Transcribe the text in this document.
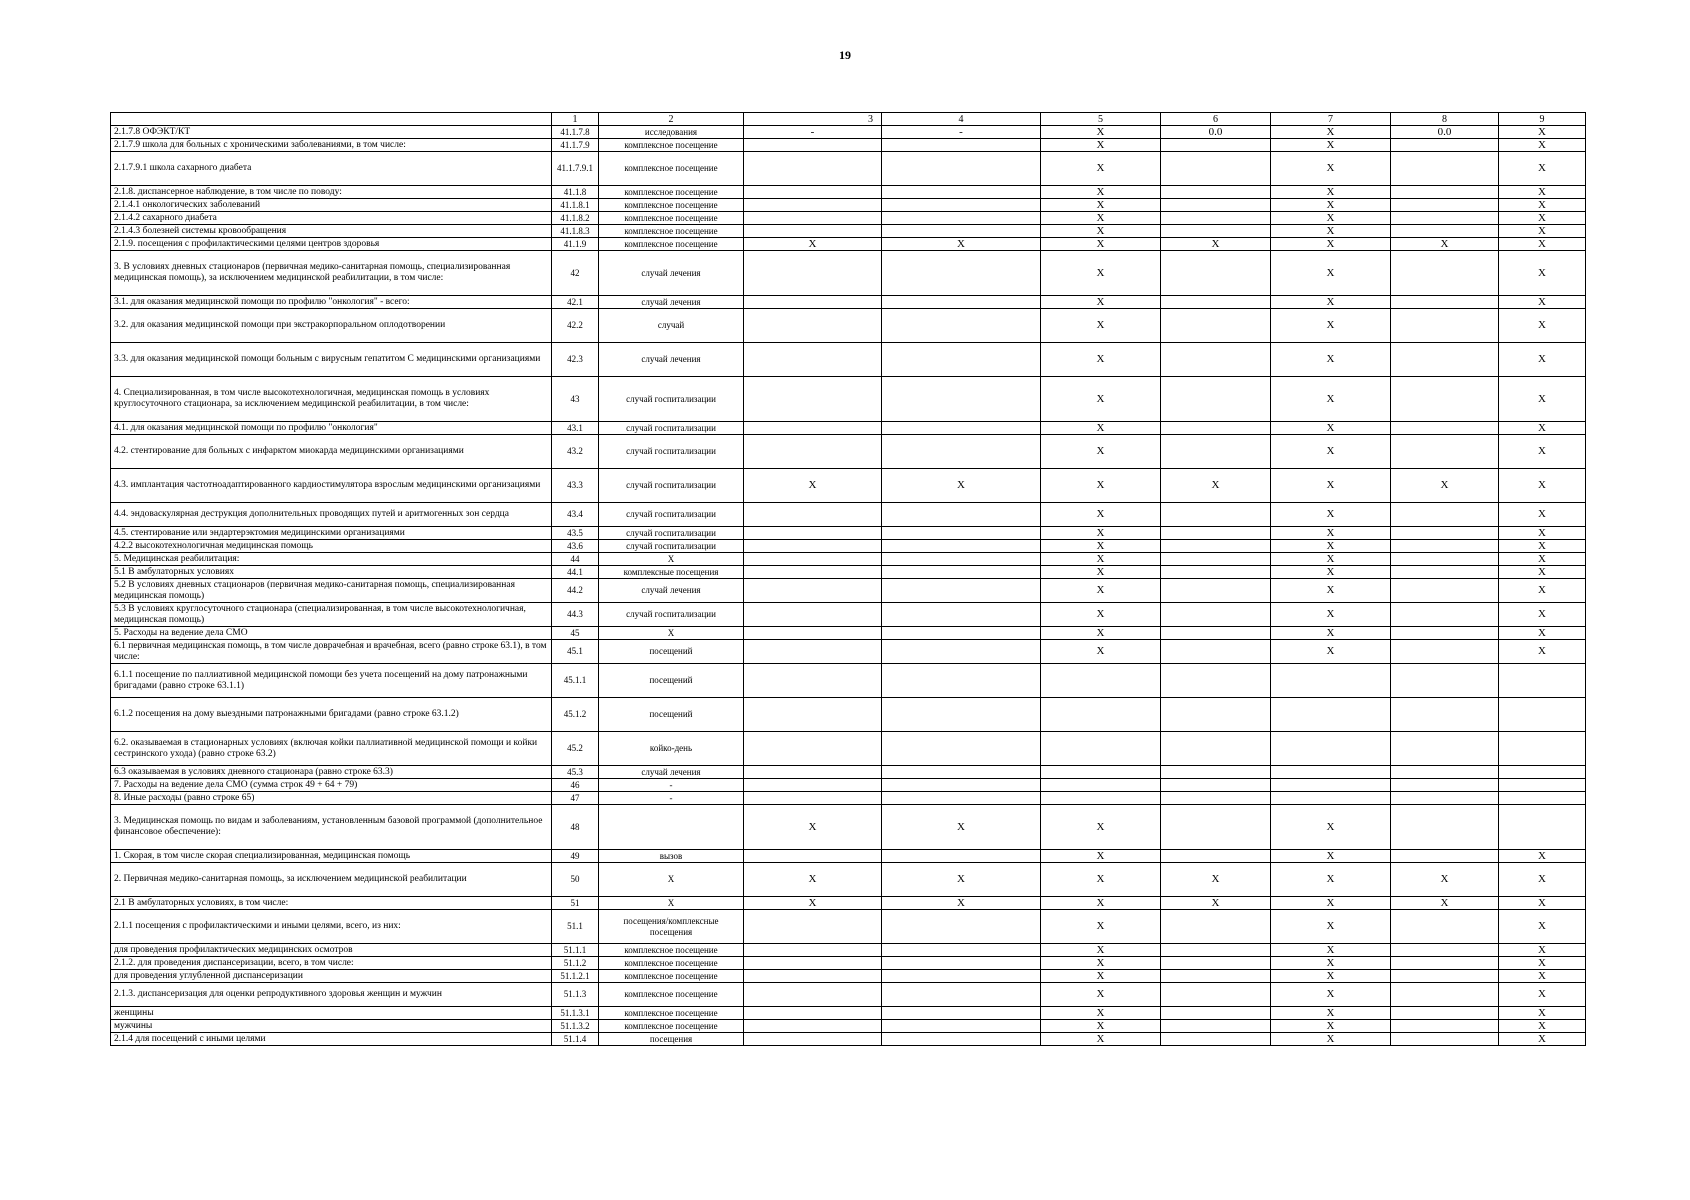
19
	1	2	3	4	5	6	7	8	9
2.1.7.8 ОФЭКТ/КТ	41.1.7.8	исследования	-	-	X	0.0	X	0.0	X
2.1.7.9 школа для больных с хроническими заболеваниями, в том числе:	41.1.7.9	комплексное посещение			X		X		X
2.1.7.9.1 школа сахарного диабета	41.1.7.9.1	комплексное посещение			X		X		X
2.1.8. диспансерное наблюдение, в том числе по поводу:	41.1.8	комплексное посещение			X		X		X
2.1.4.1 онкологических заболеваний	41.1.8.1	комплексное посещение			X		X		X
2.1.4.2 сахарного диабета	41.1.8.2	комплексное посещение			X		X		X
2.1.4.3 болезней системы кровообращения	41.1.8.3	комплексное посещение			X		X		X
2.1.9. посещения с профилактическими целями центров здоровья	41.1.9	комплексное посещение	X	X	X	X	X	X	X
3. В условиях дневных стационаров (первичная медико-санитарная помощь, специализированная медицинская помощь), за исключением медицинской реабилитации, в том числе:	42	случай лечения			X		X		X
3.1. для оказания медицинской помощи по профилю "онкология" - всего:	42.1	случай лечения			X		X		X
3.2. для оказания медицинской помощи при экстракорпоральном оплодотворении	42.2	случай			X		X		X
3.3. для оказания медицинской помощи больным с вирусным гепатитом С медицинскими организациями	42.3	случай лечения			X		X		X
4. Специализированная, в том числе высокотехнологичная, медицинская помощь в условиях круглосуточного стационара, за исключением медицинской реабилитации, в том числе:	43	случай госпитализации			X		X		X
4.1. для оказания медицинской помощи по профилю "онкология"	43.1	случай госпитализации			X		X		X
4.2. стентирование для больных с инфарктом миокарда медицинскими организациями	43.2	случай госпитализации			X		X		X
4.3. имплантация частотноадаптированного кардиостимулятора взрослым медицинскими организациями	43.3	случай госпитализации	X	X	X	X	X	X	X
4.4. эндоваскулярная деструкция дополнительных проводящих путей и аритмогенных зон сердца	43.4	случай госпитализации			X		X		X
4.5. стентирование или эндартерэктомия медицинскими организациями	43.5	случай госпитализации			X		X		X
4.2.2 высокотехнологичная медицинская помощь	43.6	случай госпитализации			X		X		X
5. Медицинская реабилитация:	44	X			X		X		X
5.1 В амбулаторных условиях	44.1	комплексные посещения			X		X		X
5.2 В условиях дневных стационаров (первичная медико-санитарная помощь, специализированная медицинская помощь)	44.2	случай лечения			X		X		X
5.3 В условиях круглосуточного стационара (специализированная, в том числе высокотехнологичная, медицинская помощь)	44.3	случай госпитализации			X		X		X
5. Расходы на ведение дела СМО	45	X			X		X		X
6.1 первичная медицинская помощь, в том числе доврачебная и врачебная, всего (равно строке 63.1), в том числе:	45.1	посещений			X		X		X
6.1.1 посещение по паллиативной медицинской помощи без учета посещений на дому патронажными бригадами (равно строке 63.1.1)	45.1.1	посещений							
6.1.2 посещения на дому выездными патронажными бригадами (равно строке 63.1.2)	45.1.2	посещений							
6.2. оказываемая в стационарных условиях (включая койки паллиативной медицинской помощи и койки сестринского ухода) (равно строке 63.2)	45.2	койко-день							
6.3 оказываемая в условиях дневного стационара (равно строке 63.3)	45.3	случай лечения							
7. Расходы на ведение дела СМО (сумма строк 49 + 64 + 79)	46	-							
8. Иные расходы (равно строке 65)	47	-							
3. Медицинская помощь по видам и заболеваниям, установленным базовой программой (дополнительное финансовое обеспечение):	48		X	X	X		X		
1. Скорая, в том числе скорая специализированная, медицинская помощь	49	вызов			X		X		X
2. Первичная медико-санитарная помощь, за исключением медицинской реабилитации	50	X	X	X	X	X	X	X	X
2.1 В амбулаторных условиях, в том числе:	51	X	X	X	X	X	X	X	X
2.1.1 посещения с профилактическими и иными целями, всего, из них:	51.1	посещения/комплексные посещения			X		X		X
для проведения профилактических медицинских осмотров	51.1.1	комплексное посещение			X		X		X
2.1.2. для проведения диспансеризации, всего, в том числе:	51.1.2	комплексное посещение			X		X		X
для проведения углубленной диспансеризации	51.1.2.1	комплексное посещение			X		X		X
2.1.3. диспансеризация для оценки репродуктивного здоровья женщин и мужчин	51.1.3	комплексное посещение			X		X		X
женщины	51.1.3.1	комплексное посещение			X		X		X
мужчины	51.1.3.2	комплексное посещение			X		X		X
2.1.4 для посещений с иными целями	51.1.4	посещения			X		X		X
